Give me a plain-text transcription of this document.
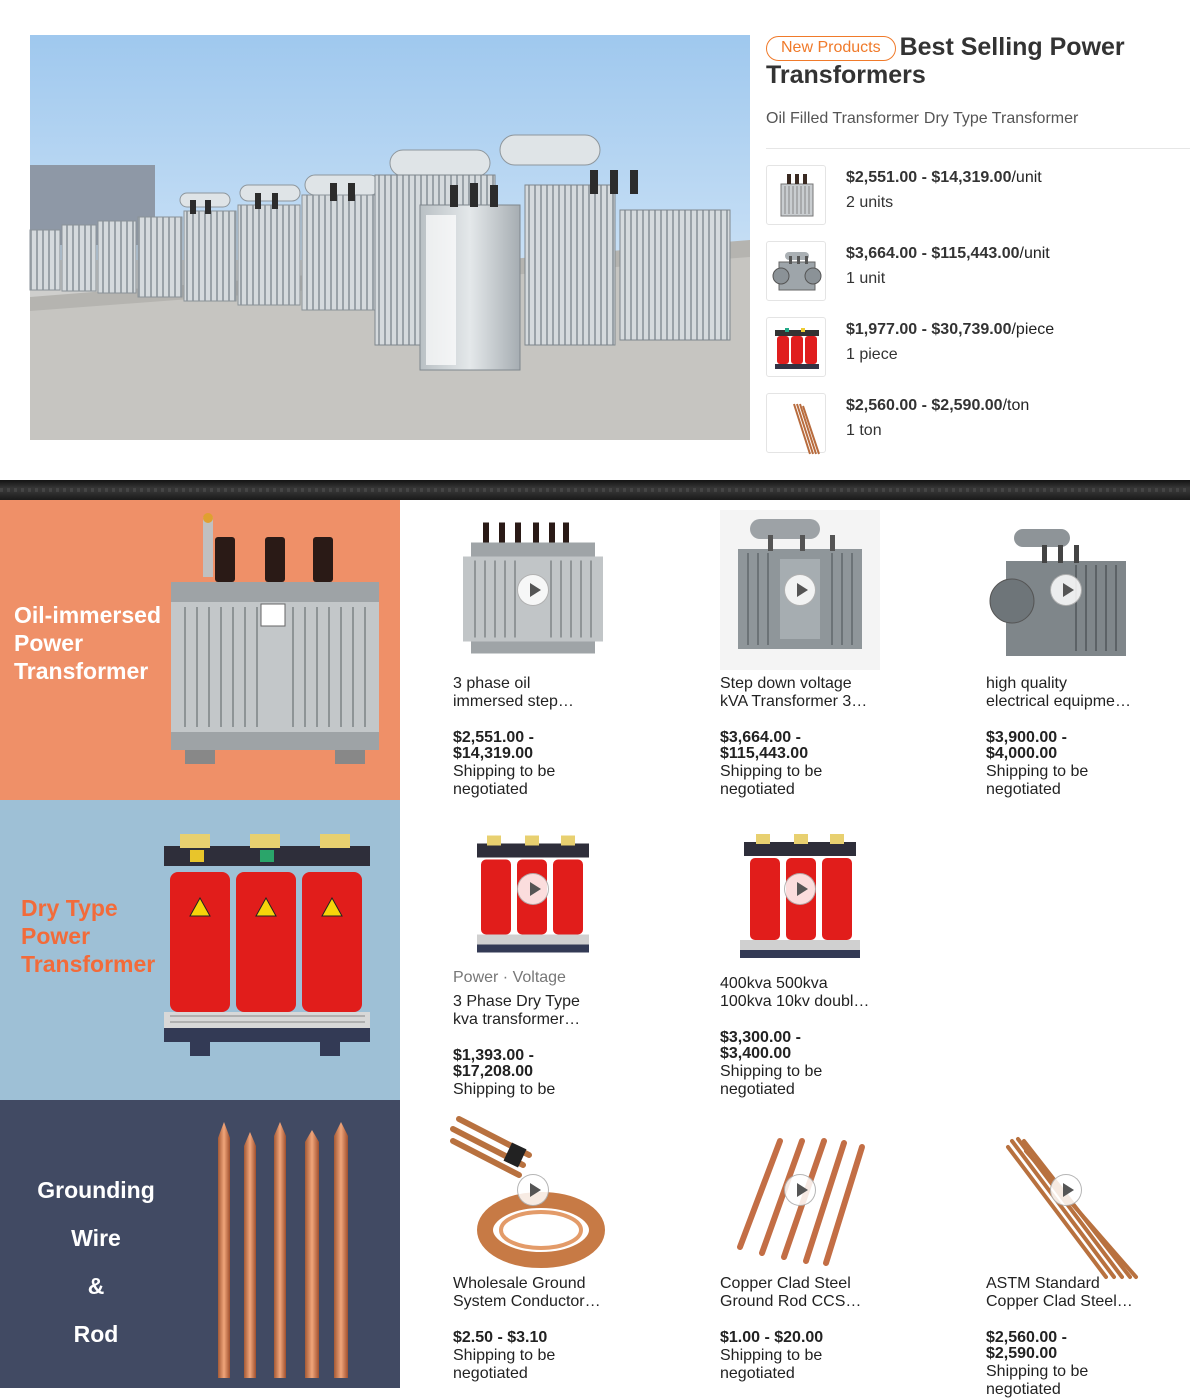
New Products Best Selling Power Transformers
Oil Filled Transformer Dry Type Transformer
$2,551.00 - $14,319.00/unit
2 units
$3,664.00 - $115,443.00/unit
1 unit
$1,977.00 - $30,739.00/piece
1 piece
$2,560.00 - $2,590.00/ton
1 ton
Oil-immersed
Power
Transformer	3 phase oil
immersed step…
$2,551.00 -
$14,319.00
Shipping to be
negotiated
Step down voltage
kVA Transformer 3…
$3,664.00 -
$115,443.00
Shipping to be
negotiated
high quality
electrical equipme…
$3,900.00 -
$4,000.00
Shipping to be
negotiated
Dry Type
Power
Transformer
Power · Voltage
3 Phase Dry Type
kva transformer…
$1,393.00 -
$17,208.00
Shipping to be
400kva 500kva
100kva 10kv doubl…
$3,300.00 -
$3,400.00
Shipping to be
negotiated
Grounding
Wire
&
Rod
Wholesale Ground
System Conductor…
$2.50 - $3.10
Shipping to be
negotiated
Copper Clad Steel
Ground Rod CCS…
$1.00 - $20.00
Shipping to be
negotiated
ASTM Standard
Copper Clad Steel…
$2,560.00 -
$2,590.00
Shipping to be
negotiated
